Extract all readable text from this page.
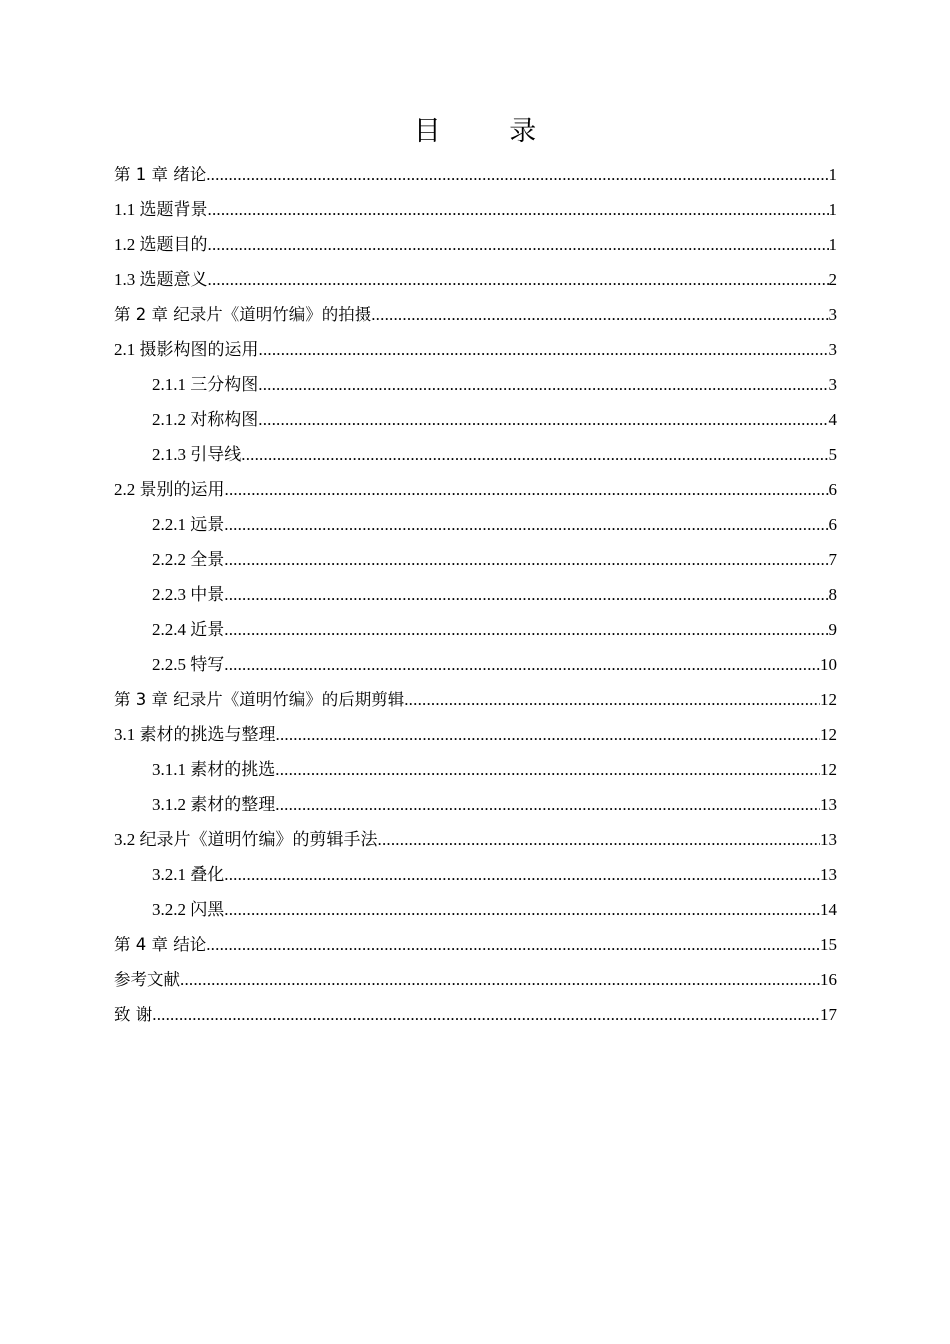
目 录
第 1 章 绪论 .....	1
1.1 选题背景 .....	1
1.2 选题目的 .....	1
1.3 选题意义 .....	2
第 2 章 纪录片《道明竹编》的拍摄 .....	3
2.1 摄影构图的运用 .....	3
2.1.1 三分构图 .....	3
2.1.2 对称构图 .....	4
2.1.3 引导线 .....	5
2.2 景别的运用 .....	6
2.2.1 远景 .....	6
2.2.2 全景 .....	7
2.2.3 中景 .....	8
2.2.4 近景 .....	9
2.2.5 特写 .....	10
第 3 章 纪录片《道明竹编》的后期剪辑 .....	12
3.1 素材的挑选与整理 .....	12
3.1.1 素材的挑选 .....	12
3.1.2 素材的整理 .....	13
3.2 纪录片《道明竹编》的剪辑手法 .....	13
3.2.1 叠化 .....	13
3.2.2 闪黑 .....	14
第 4 章 结论 .....	15
参考文献 .....	16
致 谢 .....	17
